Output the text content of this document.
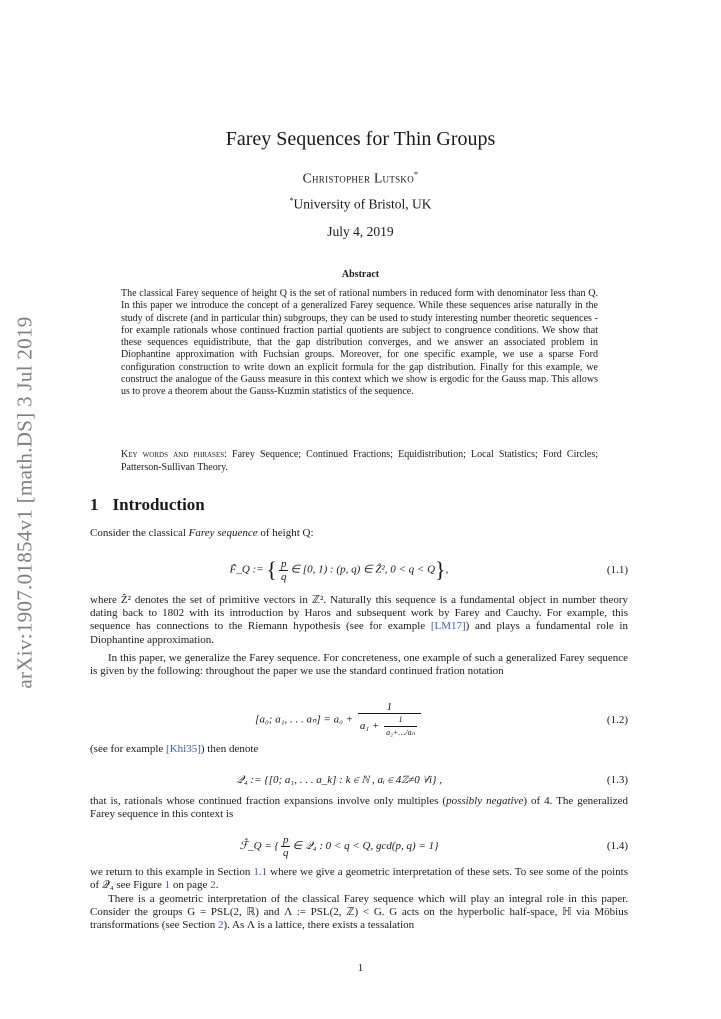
arXiv:1907.01854v1 [math.DS] 3 Jul 2019
Farey Sequences for Thin Groups
Christopher Lutsko*
*University of Bristol, UK
July 4, 2019
Abstract

The classical Farey sequence of height Q is the set of rational numbers in reduced form with denominator less than Q. In this paper we introduce the concept of a generalized Farey sequence. While these sequences arise naturally in the study of discrete (and in particular thin) subgroups, they can be used to study interesting number theoretic sequences - for example rationals whose continued fraction partial quotients are subject to congruence conditions. We show that these sequences equidistribute, that the gap distribution converges, and we answer an associated problem in Diophantine approximation with Fuchsian groups. Moreover, for one specific example, we use a sparse Ford configuration construction to write down an explicit formula for the gap distribution. Finally for this example, we construct the analogue of the Gauss measure in this context which we show is ergodic for the Gauss map. This allows us to prove a theorem about the Gauss-Kuzmin statistics of the sequence.

Key words and phrases: Farey Sequence; Continued Fractions; Equidistribution; Local Statistics; Ford Circles; Patterson-Sullivan Theory.

1 Introduction

Consider the classical Farey sequence of height Q:

F̃_Q := { $\frac{p}{q}$ ∈ [0, 1) : (p, q) ∈ Ẑ², 0 < q < Q},	(1.1)

where Ẑ² denotes the set of primitive vectors in ℤ². Naturally this sequence is a fundamental object in number theory dating back to 1802 with its introduction by Haros and subsequent work by Farey and Cauchy. For example, this sequence has connections to the Riemann hypothesis (see for example [LM17]) and plays a fundamental role in Diophantine approximation.

In this paper, we generalize the Farey sequence. For concreteness, one example of such a generalized Farey sequence is given by the following: throughout the paper we use the standard continued fration notation

[a₀; a₁, . . . $a_n] = a_0 + \frac{1}{a_1 + \frac{1}{\text{a₂+…/aₙ}}}$	(1.2)

(see for example [Khi35]) then denote

𝒬₄ := {[0; a₁, . . . a_k] : k ∈ ℕ , aᵢ ∈ 4ℤ≠0 ∀i} ,	(1.3)

that is, rationals whose continued fraction expansions involve only multiples (possibly negative) of 4. The generalized Farey sequence in this context is

ℱ̂_Q = { $\frac{p}{q}$ ∈ 𝒬₄ : 0 < q < Q, gcd(p, q) = 1}	(1.4)

we return to this example in Section 1.1 where we give a geometric interpretation of these sets. To see some of the points of 𝒬₄ see Figure 1 on page 2.

There is a geometric interpretation of the classical Farey sequence which will play an integral role in this paper. Consider the groups G = PSL(2, ℝ) and Λ := PSL(2, ℤ) < G. G acts on the hyperbolic half-space, ℍ via Möbius transformations (see Section 2). As Λ is a lattice, there exists a tessalation

1
